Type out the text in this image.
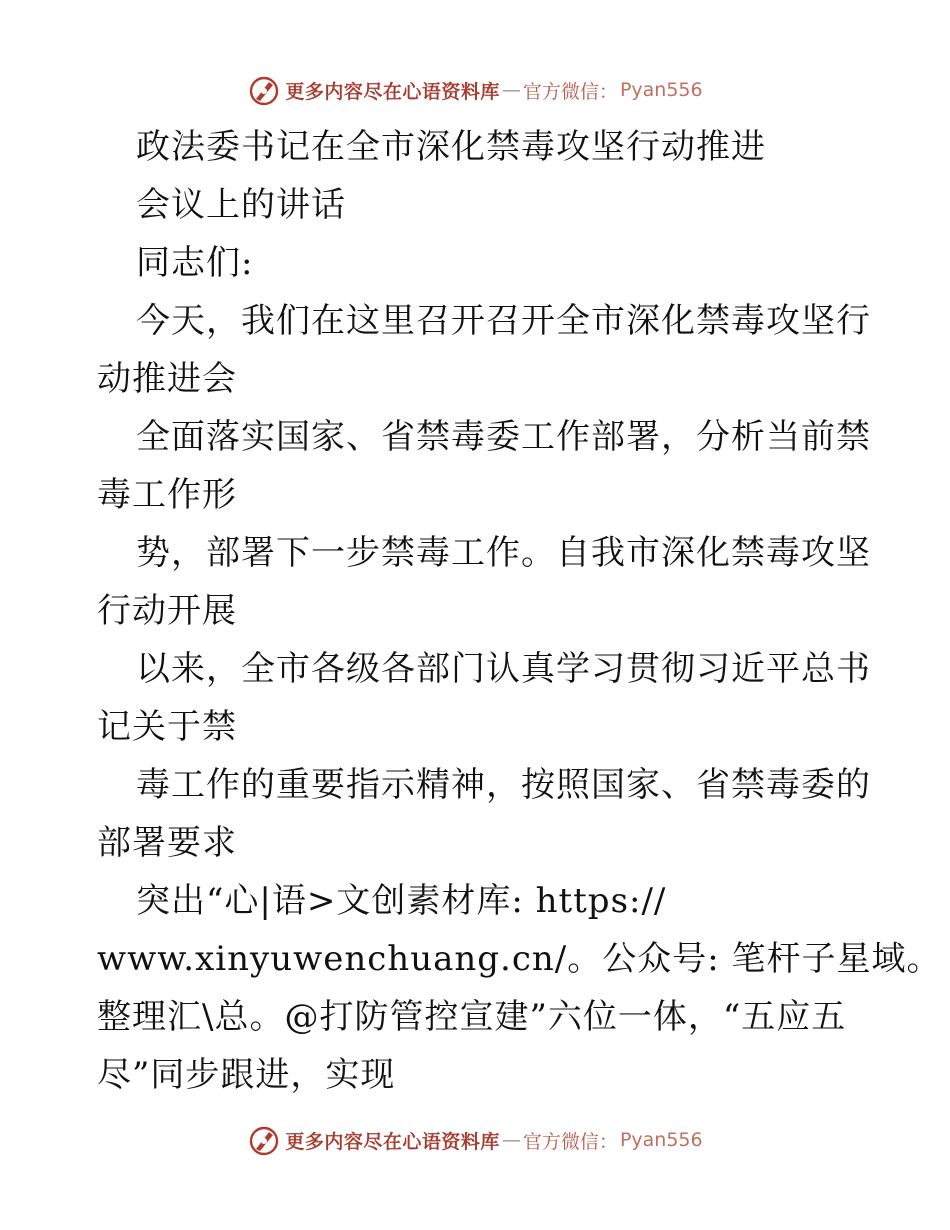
更多内容尽在心语资料库 — 官方微信： Pyan556
政法委书记在全市深化禁毒攻坚行动推进
会议上的讲话
同志们:
今天，我们在这里召开召开全市深化禁毒攻坚行
动推进会
全面落实国家、省禁毒委工作部署，分析当前禁
毒工作形
势，部署下一步禁毒工作。自我市深化禁毒攻坚
行动开展
以来，全市各级各部门认真学习贯彻习近平总书
记关于禁
毒工作的重要指示精神，按照国家、省禁毒委的
部署要求
突出“心|语>文创素材库: https://
www.xinyuwenchuang.cn/。公众号: 笔杆子星域。
整理汇\总。@打防管控宣建”六位一体，“五应五
尽”同步跟进，实现
更多内容尽在心语资料库 — 官方微信： Pyan556
